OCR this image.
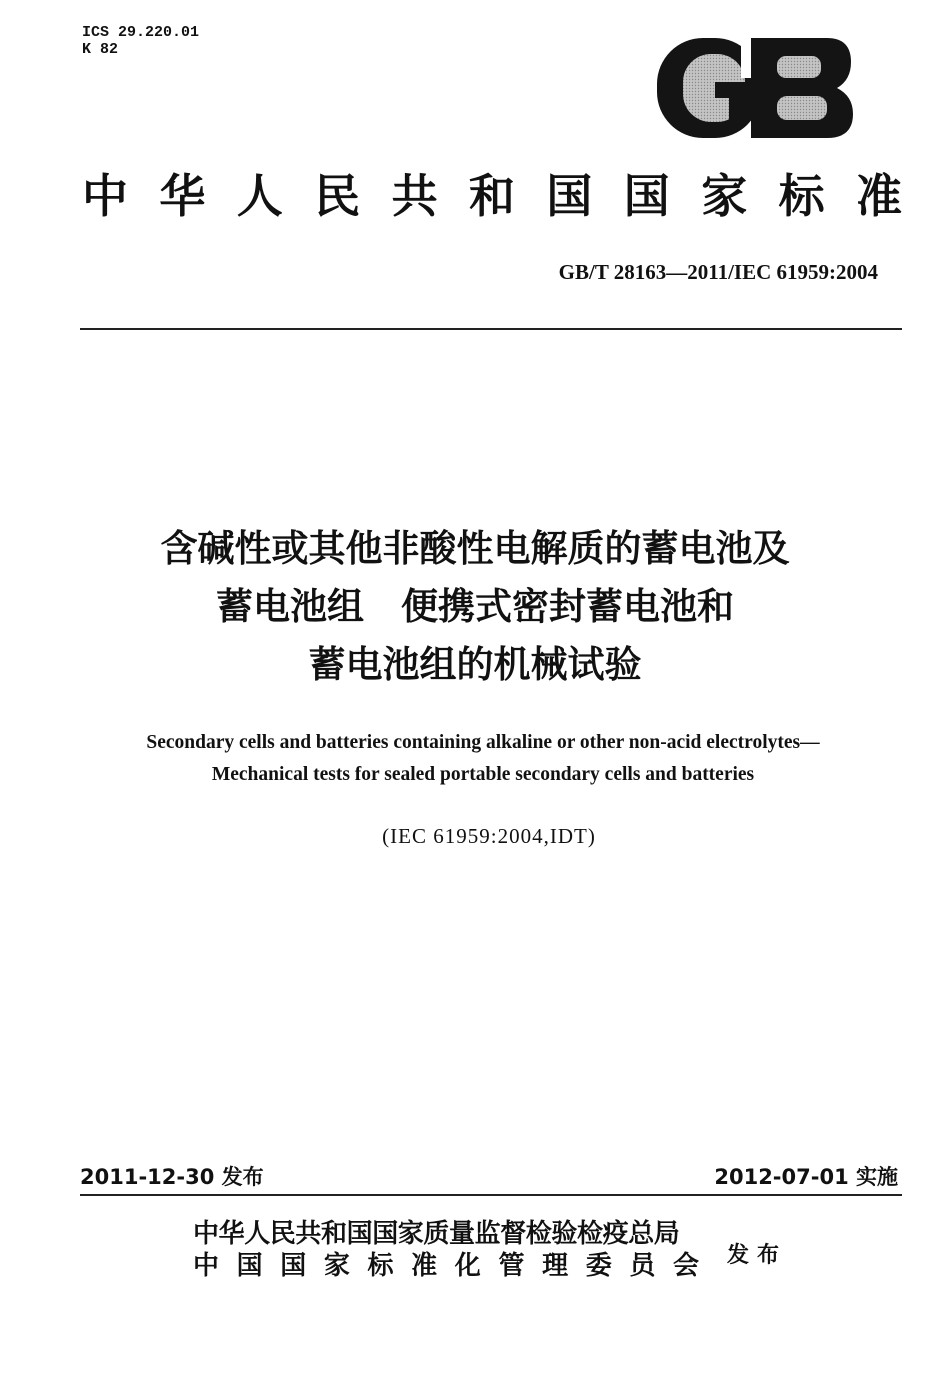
ICS 29.220.01
K 82
中华人民共和国国家标准
GB/T 28163—2011/IEC 61959:2004
含碱性或其他非酸性电解质的蓄电池及
蓄电池组　便携式密封蓄电池和
蓄电池组的机械试验
Secondary cells and batteries containing alkaline or other non-acid electrolytes—
Mechanical tests for sealed portable secondary cells and batteries
(IEC 61959:2004,IDT)
2011-12-30 发布	2012-07-01 实施
中华人民共和国国家质量监督检验检疫总局
中国国家标准化管理委员会 发布
